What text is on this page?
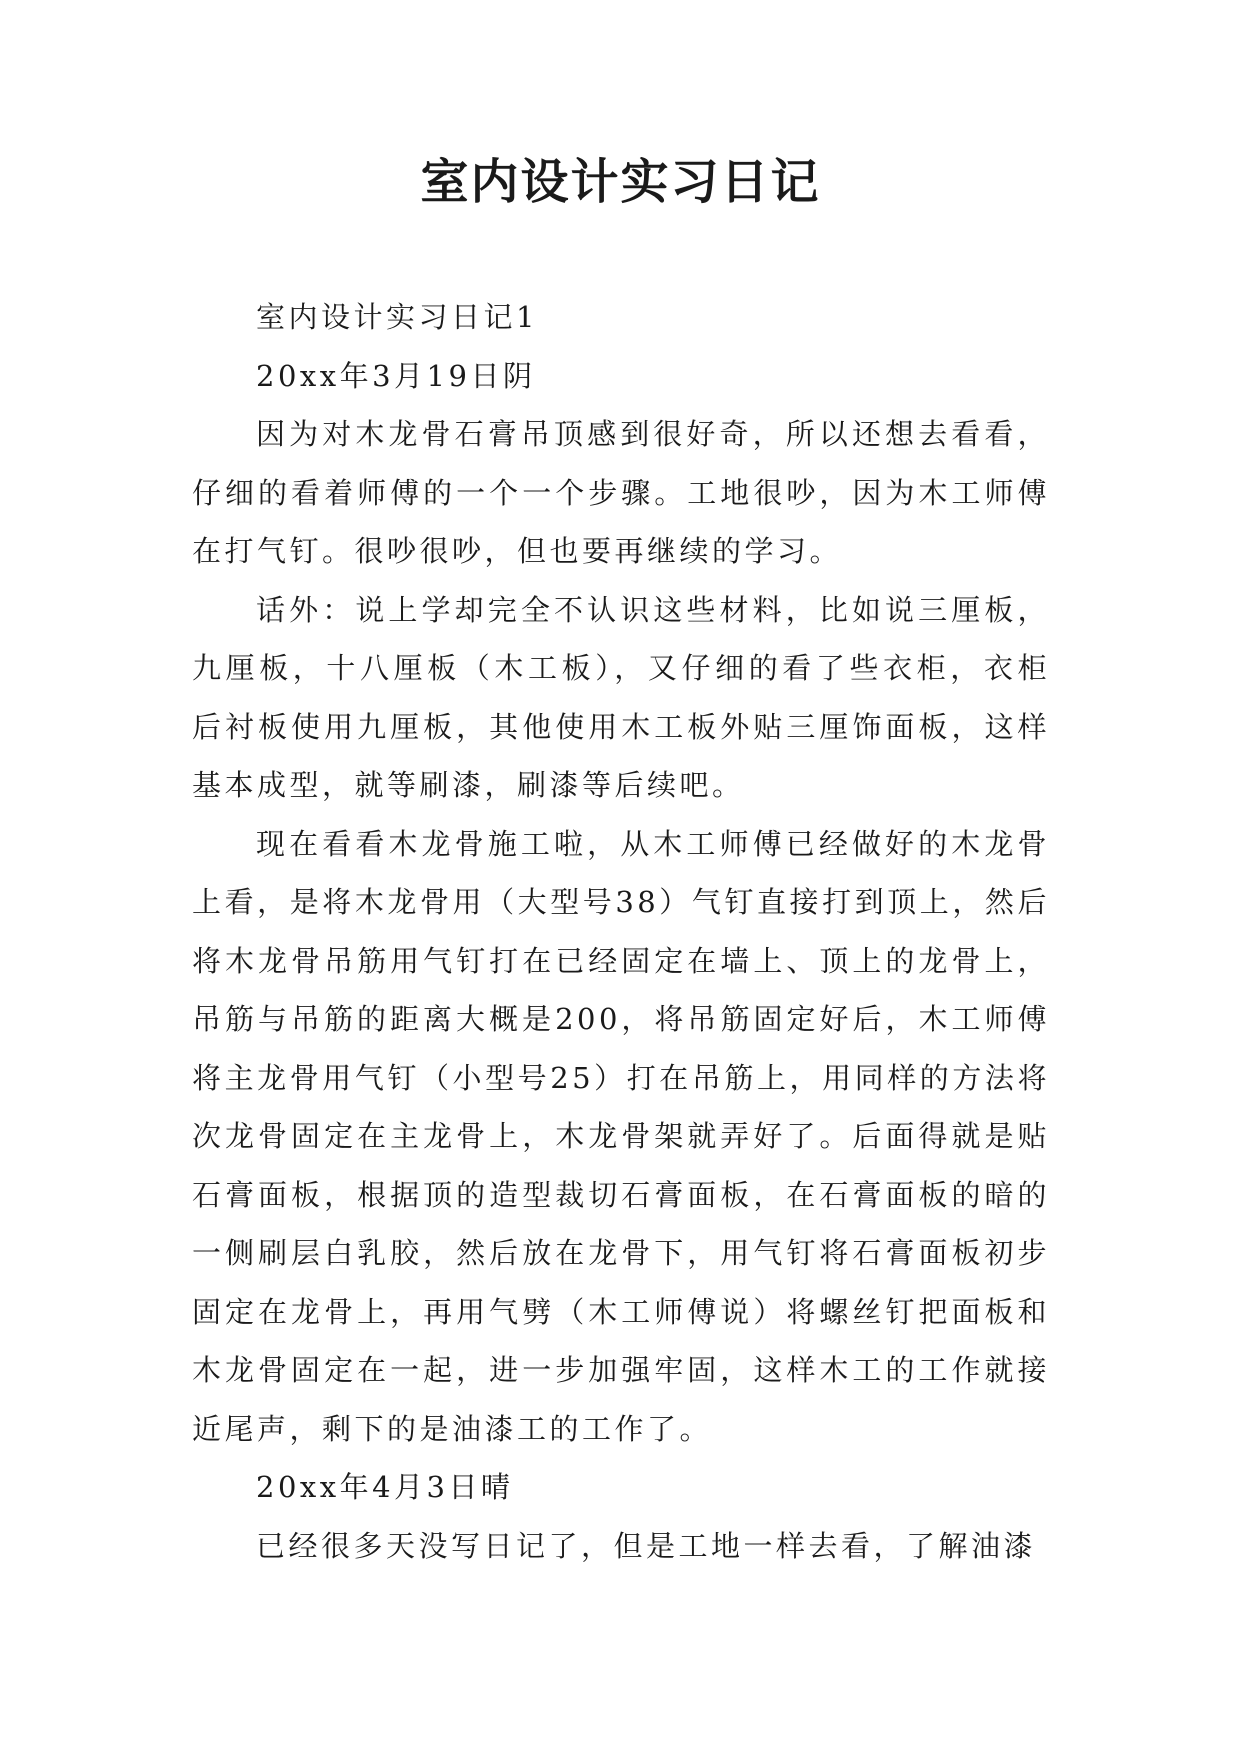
室内设计实习日记

室内设计实习日记1

20xx年3月19日阴

因为对木龙骨石膏吊顶感到很好奇，所以还想去看看，仔细的看着师傅的一个一个步骤。工地很吵，因为木工师傅在打气钉。很吵很吵，但也要再继续的学习。

话外：说上学却完全不认识这些材料，比如说三厘板，九厘板，十八厘板（木工板），又仔细的看了些衣柜，衣柜后衬板使用九厘板，其他使用木工板外贴三厘饰面板，这样基本成型，就等刷漆，刷漆等后续吧。

现在看看木龙骨施工啦，从木工师傅已经做好的木龙骨上看，是将木龙骨用（大型号38）气钉直接打到顶上，然后将木龙骨吊筋用气钉打在已经固定在墙上、顶上的龙骨上，吊筋与吊筋的距离大概是200，将吊筋固定好后，木工师傅将主龙骨用气钉（小型号25）打在吊筋上，用同样的方法将次龙骨固定在主龙骨上，木龙骨架就弄好了。后面得就是贴石膏面板，根据顶的造型裁切石膏面板，在石膏面板的暗的一侧刷层白乳胶，然后放在龙骨下，用气钉将石膏面板初步固定在龙骨上，再用气劈（木工师傅说）将螺丝钉把面板和木龙骨固定在一起，进一步加强牢固，这样木工的工作就接近尾声，剩下的是油漆工的工作了。

20xx年4月3日晴

已经很多天没写日记了，但是工地一样去看，了解油漆
